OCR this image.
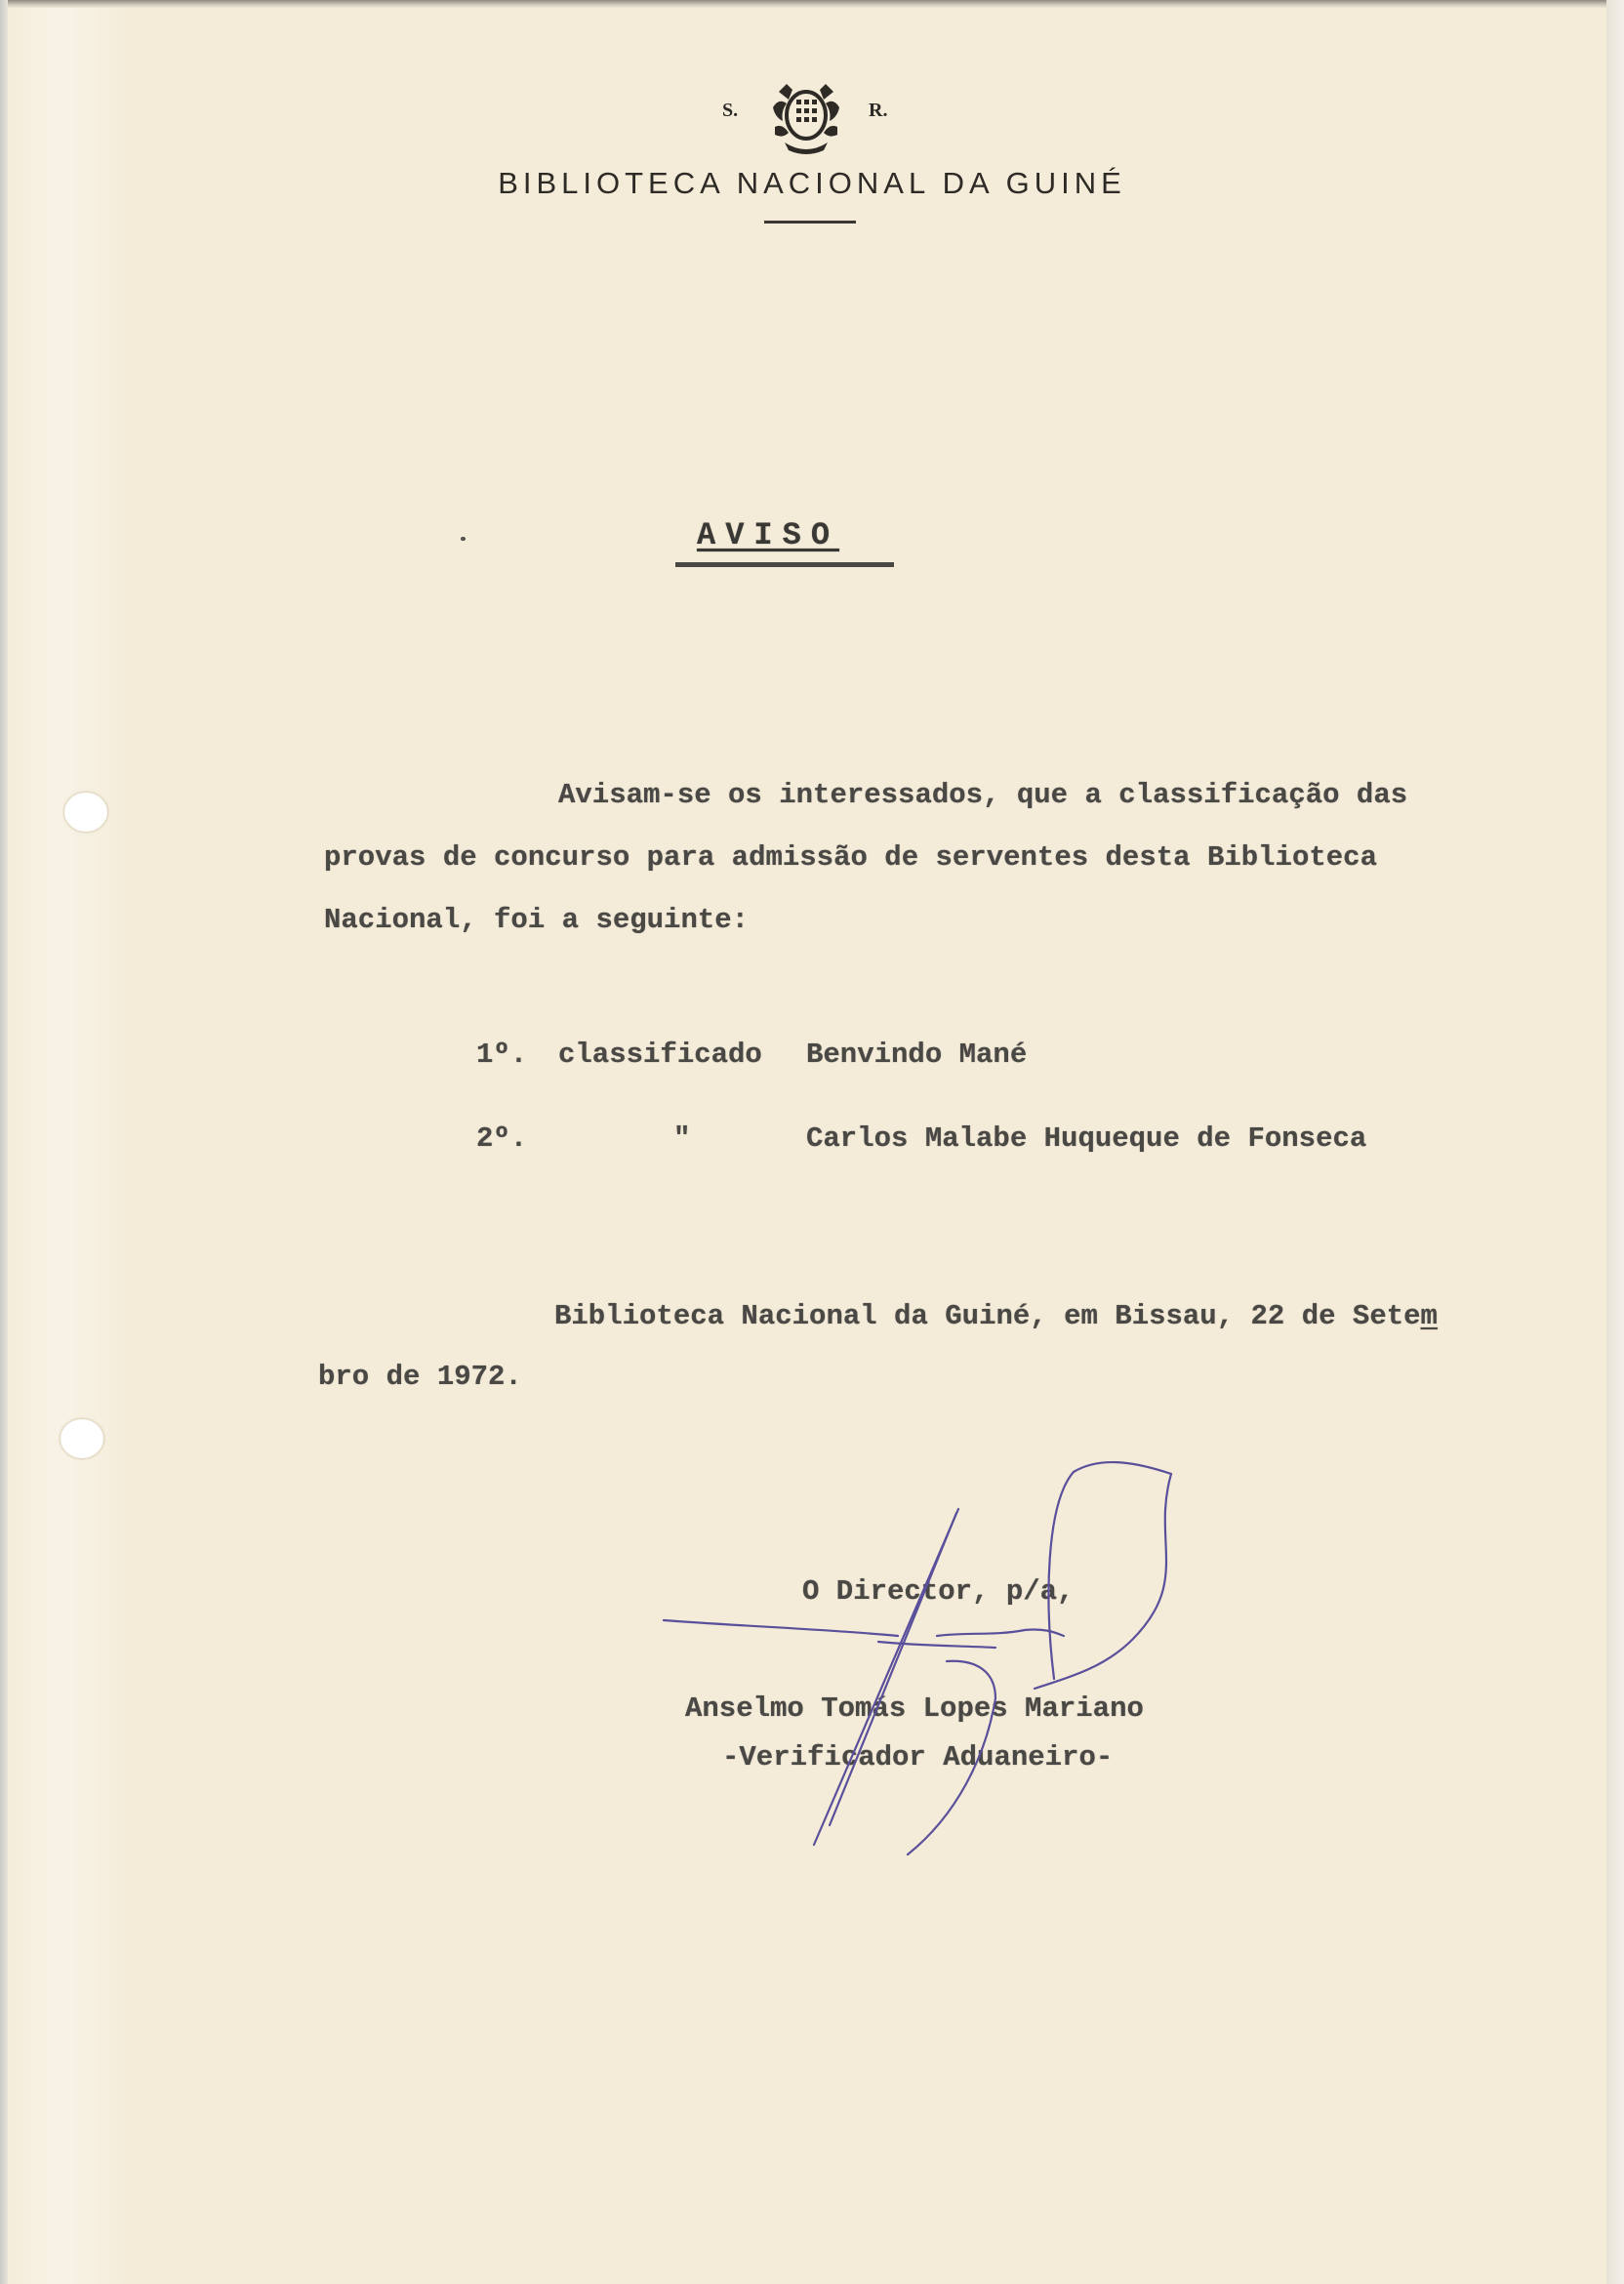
S.	R.
BIBLIOTECA NACIONAL DA GUINÉ
AVISO
Avisam-se os interessados, que a classificação das
provas de concurso para admissão de serventes desta Biblioteca
Nacional, foi a seguinte:
1º. classificado Benvindo Mané
2º.	"	Carlos Malabe Huqueque de Fonseca
Biblioteca Nacional da Guiné, em Bissau, 22 de Setem
bro de 1972.
O Director, p/a,
Anselmo Tomás Lopes Mariano
-Verificador Aduaneiro-
